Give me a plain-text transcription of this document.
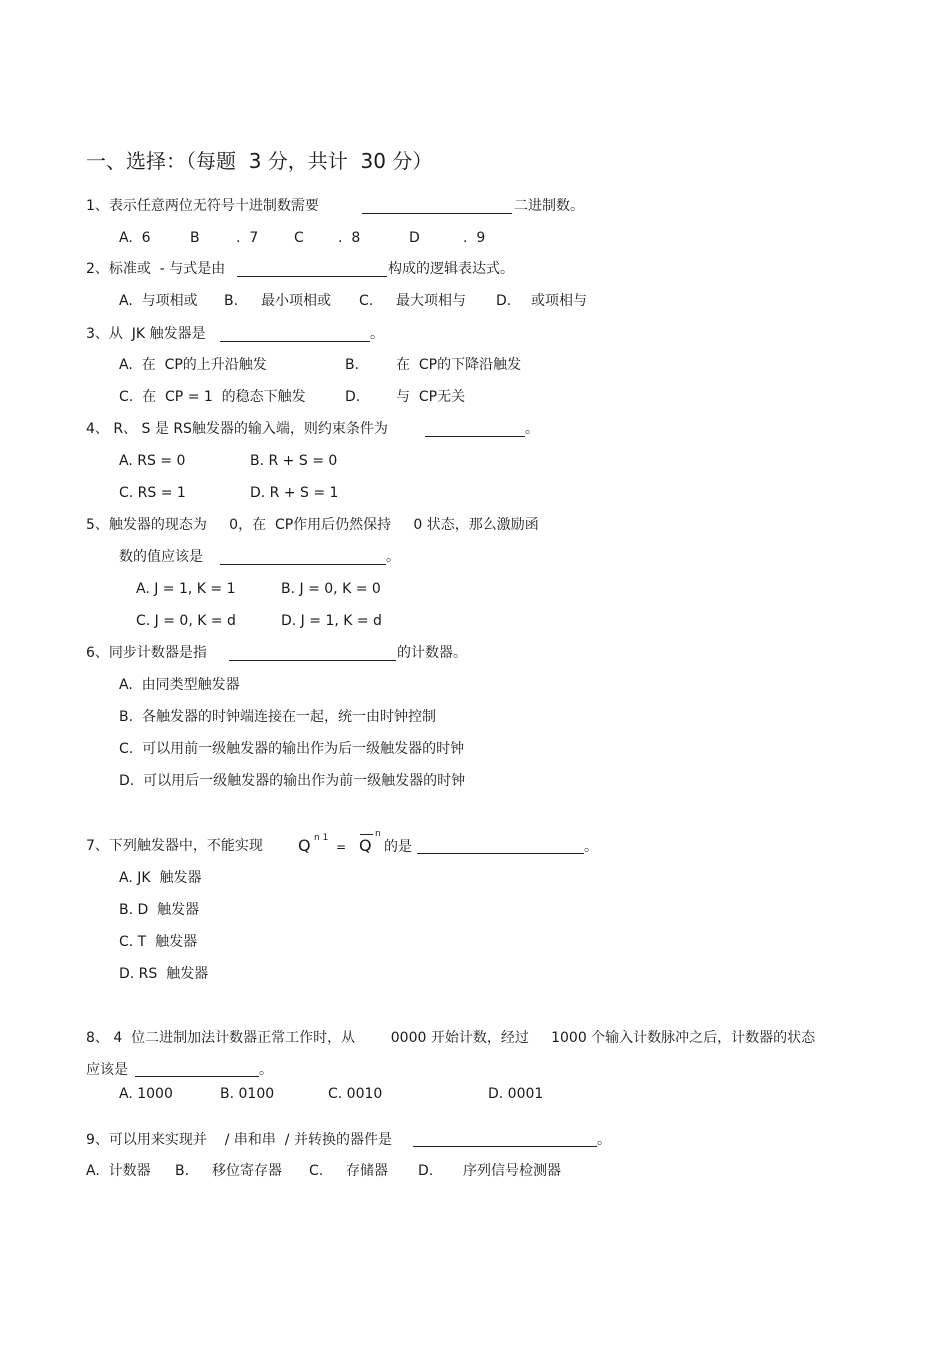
一、选择：（每题  3 分，共计  30 分）
1、表示任意两位无符号十进制数需要	二进制数。
A.  6	B	.  7	C .  8	D	.  9
2、标准或  - 与式是由	构成的逻辑表达式。
A.  与项相或 B. 最小项相或 C. 最大项相与 D. 或项相与
3、从  JK 触发器是	。
A.  在  CP的上升沿触发	B.	在  CP的下降沿触发
C.  在  CP = 1  的稳态下触发	D.	与  CP无关
4、 R、 S 是 RS触发器的输入端，则约束条件为	。
A. RS = 0	B. R + S = 0
C. RS = 1	D. R + S = 1
5、触发器的现态为     0，在  CP作用后仍然保持     0 状态，那么激励函
数的值应该是	。
A. J = 1, K = 1	B. J = 0, K = 0
C. J = 0, K = d	D. J = 1, K = d
6、同步计数器是指	的计数器。
A.  由同类型触发器
B.  各触发器的时钟端连接在一起，统一由时钟控制
C.  可以用前一级触发器的输出作为后一级触发器的时钟
D.  可以用后一级触发器的输出作为前一级触发器的时钟
7、下列触发器中，不能实现 Q n 1
= Q
n
的是	。
A. JK  触发器
B. D  触发器
C. T  触发器
D. RS  触发器
8、 4  位二进制加法计数器正常工作时，从        0000 开始计数，经过     1000 个输入计数脉冲之后，计数器的状态
应该是	。
A. 1000	B. 0100	C. 0010	D. 0001
9、可以用来实现并    / 串和串  / 并转换的器件是	。
A.  计数器 B. 移位寄存器 C. 存储器 D. 序列信号检测器
